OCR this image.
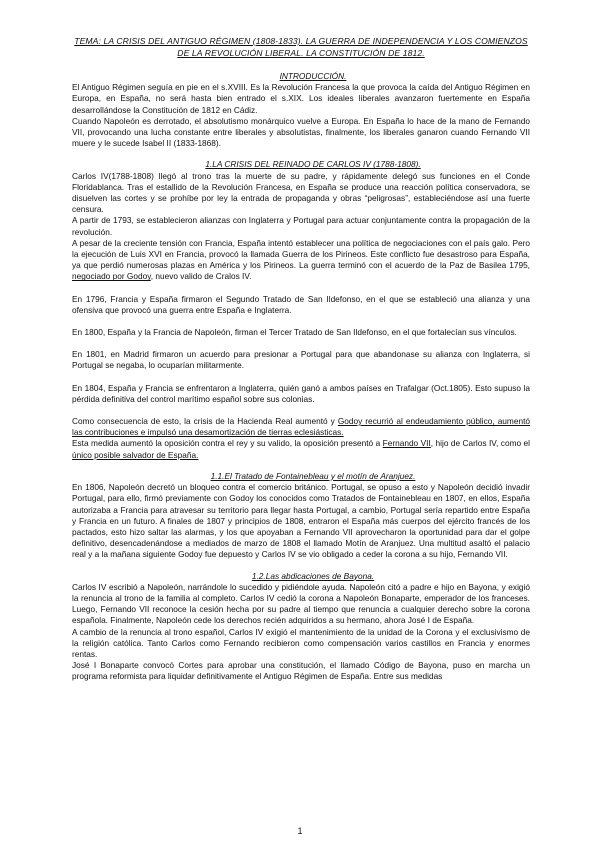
TEMA: LA CRISIS DEL ANTIGUO RÉGIMEN (1808-1833). LA GUERRA DE INDEPENDENCIA Y LOS COMIENZOS DE LA REVOLUCIÓN LIBERAL. LA CONSTITUCIÓN DE 1812.
INTRODUCCIÓN.

El Antiguo Régimen seguía en pie en el s.XVIII. Es la Revolución Francesa la que provoca la caída del Antiguo Régimen en Europa, en España, no será hasta bien entrado el s.XIX. Los ideales liberales avanzaron fuertemente en España desarrollándose la Constitución de 1812 en Cádiz.

Cuando Napoleón es derrotado, el absolutismo monárquico vuelve a Europa. En España lo hace de la mano de Fernando VII, provocando una lucha constante entre liberales y absolutistas, finalmente, los liberales ganaron cuando Fernando VII muere y le sucede Isabel II (1833-1868).

1.LA CRISIS DEL REINADO DE CARLOS IV (1788-1808).

Carlos IV(1788-1808) llegó al trono tras la muerte de su padre, y rápidamente delegó sus funciones en el Conde Floridablanca. Tras el estallido de la Revolución Francesa, en España se produce una reacción política conservadora, se disuelven las cortes y se prohíbe por ley la entrada de propaganda y obras “peligrosas”, estableciéndose así una fuerte censura.

A partir de 1793, se establecieron alianzas con Inglaterra y Portugal para actuar conjuntamente contra la propagación de la revolución.

A pesar de la creciente tensión con Francia, España intentó establecer una política de negociaciones con el país galo. Pero la ejecución de Luis XVI en Francia, provocó la llamada Guerra de los Pirineos. Este conflicto fue desastroso para España, ya que perdió numerosas plazas en América y los Pirineos. La guerra terminó con el acuerdo de la Paz de Basilea 1795, negociado por Godoy, nuevo valido de Cralos IV.

En 1796, Francia y España firmaron el Segundo Tratado de San Ildefonso, en el que se estableció una alianza y una ofensiva que provocó una guerra entre España e Inglaterra.

En 1800, España y la Francia de Napoleón, firman el Tercer Tratado de San Ildefonso, en el que fortalecían sus vínculos.

En 1801, en Madrid firmaron un acuerdo para presionar a Portugal para que abandonase su alianza con Inglaterra, si Portugal se negaba, lo ocuparían militarmente.

En 1804, España y Francia se enfrentaron a Inglaterra, quién ganó a ambos países en Trafalgar (Oct.1805). Esto supuso la pérdida definitiva del control marítimo español sobre sus colonias.

Como consecuencia de esto, la crisis de la Hacienda Real aumentó y Godoy recurrió al endeudamiento público, aumentó las contribuciones e impulsó una desamortización de tierras eclesiásticas.

Esta medida aumentó la oposición contra el rey y su valido, la oposición presentó a Fernando VII, hijo de Carlos IV, como el único posible salvador de España.

1.1.El Tratado de Fontainebleau y el motín de Aranjuez.

En 1806, Napoleón decretó un bloqueo contra el comercio británico. Portugal, se opuso a esto y Napoleón decidió invadir Portugal, para ello, firmó previamente con Godoy los conocidos como Tratados de Fontainebleau en 1807, en ellos, España autorizaba a Francia para atravesar su territorio para llegar hasta Portugal, a cambio, Portugal sería repartido entre España y Francia en un futuro. A finales de 1807 y principios de 1808, entraron el España más cuerpos del ejército francés de los pactados, esto hizo saltar las alarmas, y los que apoyaban a Fernando VII aprovecharon la oportunidad para dar el golpe definitivo, desencadenándose a mediados de marzo de 1808 el llamado Motín de Aranjuez. Una multitud asaltó el palacio real y a la mañana siguiente Godoy fue depuesto y Carlos IV se vio obligado a ceder la corona a su hijo, Fernando VII.

1.2.Las abdicaciones de Bayona.

Carlos IV escribió a Napoleón, narrándole lo sucedido y pidiéndole ayuda. Napoleón citó a padre e hijo en Bayona, y exigió la renuncia al trono de la familia al completo. Carlos IV cedió la corona a Napoleón Bonaparte, emperador de los franceses. Luego, Fernando VII reconoce la cesión hecha por su padre al tiempo que renuncia a cualquier derecho sobre la corona española. Finalmente, Napoleón cede los derechos recién adquiridos a su hermano, ahora José I de España.

A cambio de la renuncia al trono español, Carlos IV exigió el mantenimiento de la unidad de la Corona y el exclusivismo de la religión católica. Tanto Carlos como Fernando recibieron como compensación varios castillos en Francia y enormes rentas.

José I Bonaparte convocó Cortes para aprobar una constitución, el llamado Código de Bayona, puso en marcha un programa reformista para liquidar definitivamente el Antiguo Régimen de España. Entre sus medidas

1
